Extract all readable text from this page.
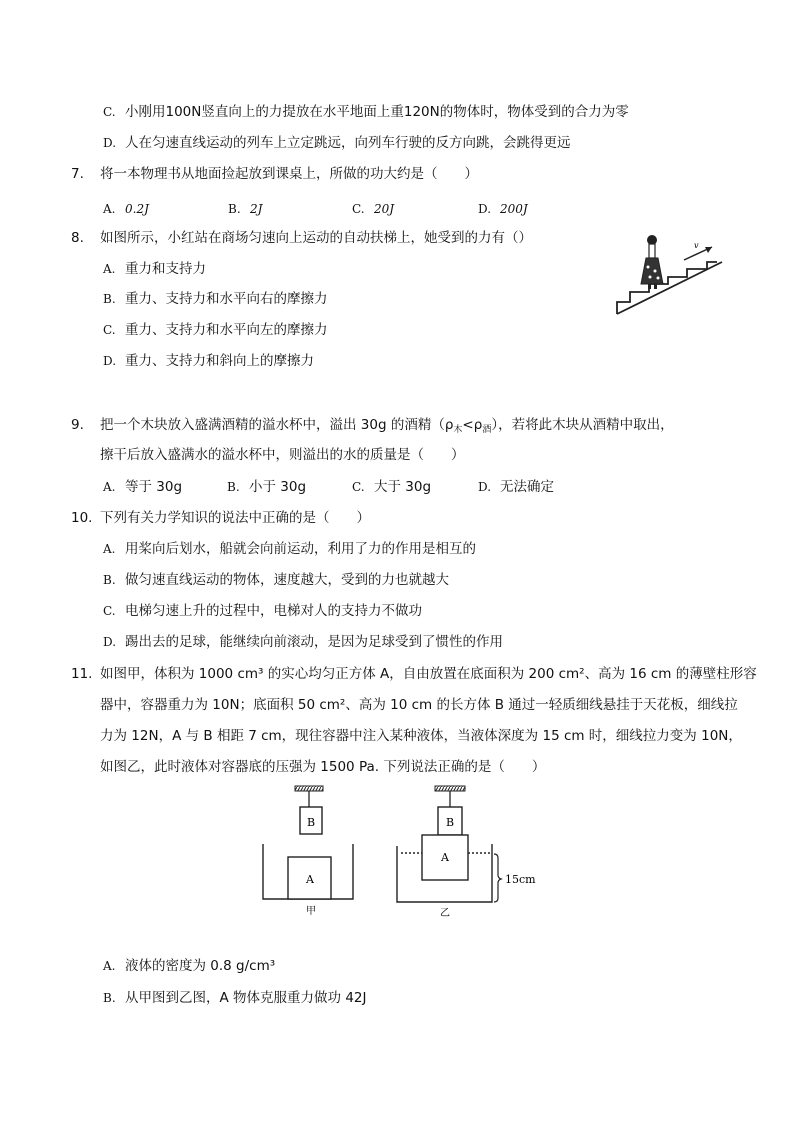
C. 小刚用100N竖直向上的力提放在水平地面上重120N的物体时，物体受到的合力为零
D. 人在匀速直线运动的列车上立定跳远，向列车行驶的反方向跳，会跳得更远
7. 将一本物理书从地面捡起放到课桌上，所做的功大约是（　　）
A. 0.2J	B. 2J	C. 20J	D. 200J
8. 如图所示，小红站在商场匀速向上运动的自动扶梯上，她受到的力有（）
A. 重力和支持力
B. 重力、支持力和水平向右的摩擦力
C. 重力、支持力和水平向左的摩擦力
D. 重力、支持力和斜向上的摩擦力
v
9. 把一个木块放入盛满酒精的溢水杯中，溢出 30g 的酒精$(\rho_木<\rho_酒)$，若将此木块从酒精中取出，
擦干后放入盛满水的溢水杯中，则溢出的水的质量是（　　）
A. 等于 30g	B. 小于 30g	C. 大于 30g	D. 无法确定
10. 下列有关力学知识的说法中正确的是（　　）
A. 用桨向后划水，船就会向前运动，利用了力的作用是相互的
B. 做匀速直线运动的物体，速度越大，受到的力也就越大
C. 电梯匀速上升的过程中，电梯对人的支持力不做功
D. 踢出去的足球，能继续向前滚动，是因为足球受到了惯性的作用
11. 如图甲，体积为 1000 cm³ 的实心均匀正方体 A，自由放置在底面积为 200 cm²、高为 16 cm 的薄壁柱形容
器中，容器重力为 10N；底面积 50 cm²、高为 10 cm 的长方体 B 通过一轻质细线悬挂于天花板，细线拉
力为 12N，A 与 B 相距 7 cm，现往容器中注入某种液体，当液体深度为 15 cm 时，细线拉力变为 10N，
如图乙，此时液体对容器底的压强为 1500 Pa. 下列说法正确的是（　　）
B
A
甲
B
A
15cm
乙
A. 液体的密度为 0.8 g/cm³
B. 从甲图到乙图，A 物体克服重力做功 42J
